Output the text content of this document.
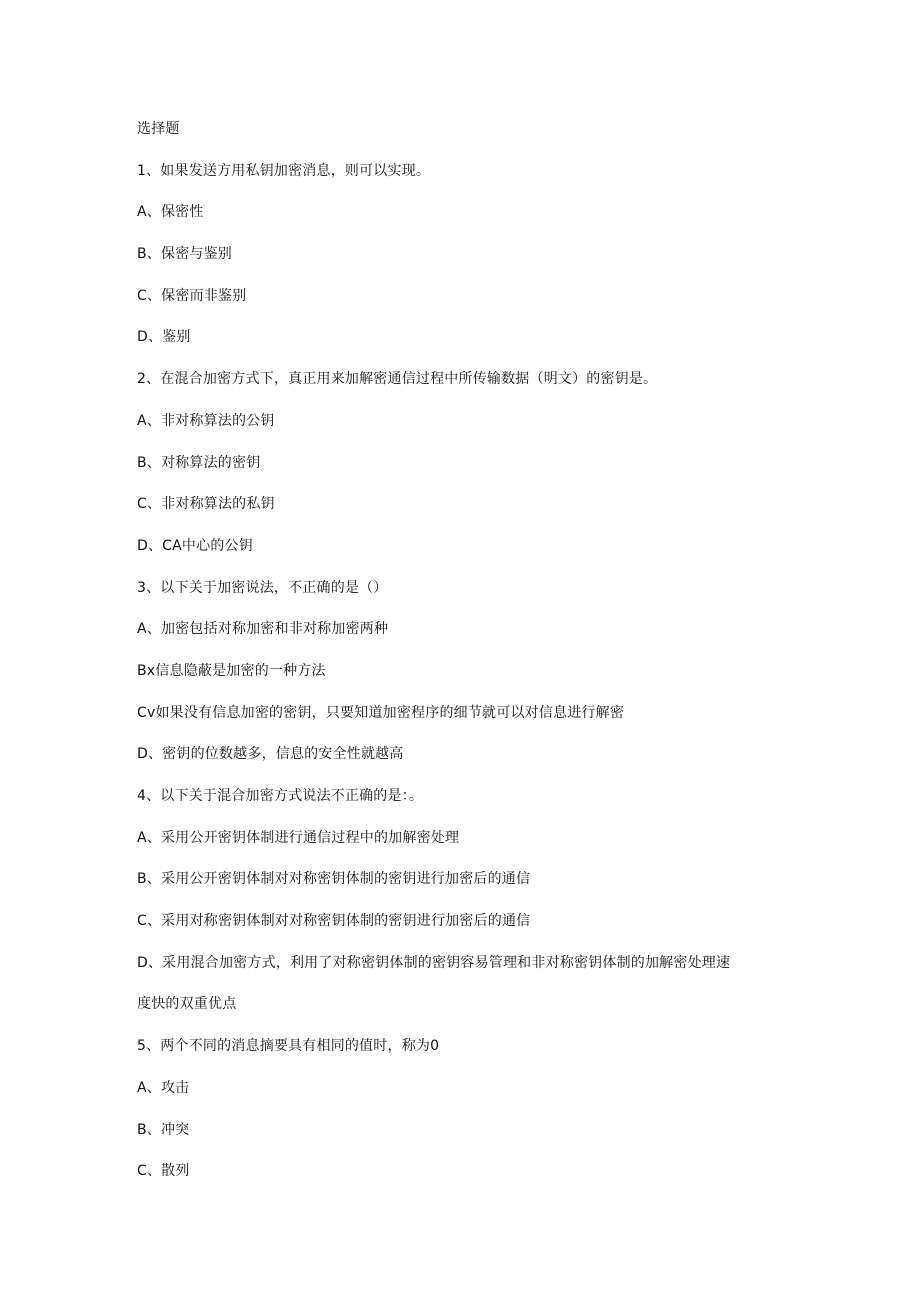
选择题
1、如果发送方用私钥加密消息，则可以实现。
A、保密性
B、保密与鉴别
C、保密而非鉴别
D、鉴别
2、在混合加密方式下，真正用来加解密通信过程中所传输数据（明文）的密钥是。
A、非对称算法的公钥
B、对称算法的密钥
C、非对称算法的私钥
D、CA中心的公钥
3、以下关于加密说法，不正确的是（）
A、加密包括对称加密和非对称加密两种
Bx信息隐蔽是加密的一种方法
Cv如果没有信息加密的密钥，只要知道加密程序的细节就可以对信息进行解密
D、密钥的位数越多，信息的安全性就越高
4、以下关于混合加密方式说法不正确的是：。
A、采用公开密钥体制进行通信过程中的加解密处理
B、采用公开密钥体制对对称密钥体制的密钥进行加密后的通信
C、采用对称密钥体制对对称密钥体制的密钥进行加密后的通信
D、采用混合加密方式，利用了对称密钥体制的密钥容易管理和非对称密钥体制的加解密处理速
度快的双重优点
5、两个不同的消息摘要具有相同的值时，称为0
A、攻击
B、冲突
C、散列
